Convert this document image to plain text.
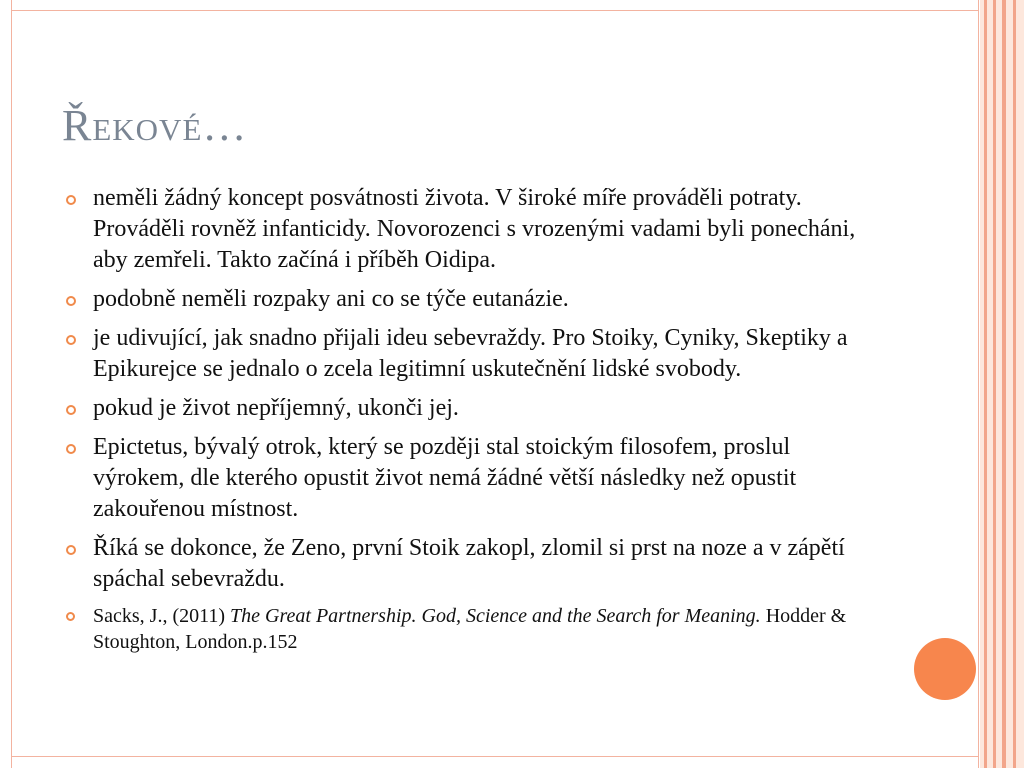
Řekové…
neměli žádný koncept posvátnosti života. V široké míře prováděli potraty. Prováděli rovněž infanticidy. Novorozenci s vrozenými vadami byli ponecháni, aby zemřeli. Takto začíná i příběh Oidipa.
podobně neměli rozpaky ani co se týče eutanázie.
je udivující, jak snadno přijali ideu sebevraždy. Pro Stoiky, Cyniky, Skeptiky a Epikurejce se jednalo o zcela legitimní uskutečnění lidské svobody.
pokud je život nepříjemný, ukonči jej.
Epictetus, bývalý otrok, který se později stal stoickým filosofem, proslul výrokem, dle kterého opustit život nemá žádné větší následky než opustit zakouřenou místnost.
Říká se dokonce, že Zeno, první Stoik zakopl, zlomil si prst na noze a v zápětí spáchal sebevraždu.
Sacks, J., (2011) The Great Partnership. God, Science and the Search for Meaning. Hodder & Stoughton, London.p.152
